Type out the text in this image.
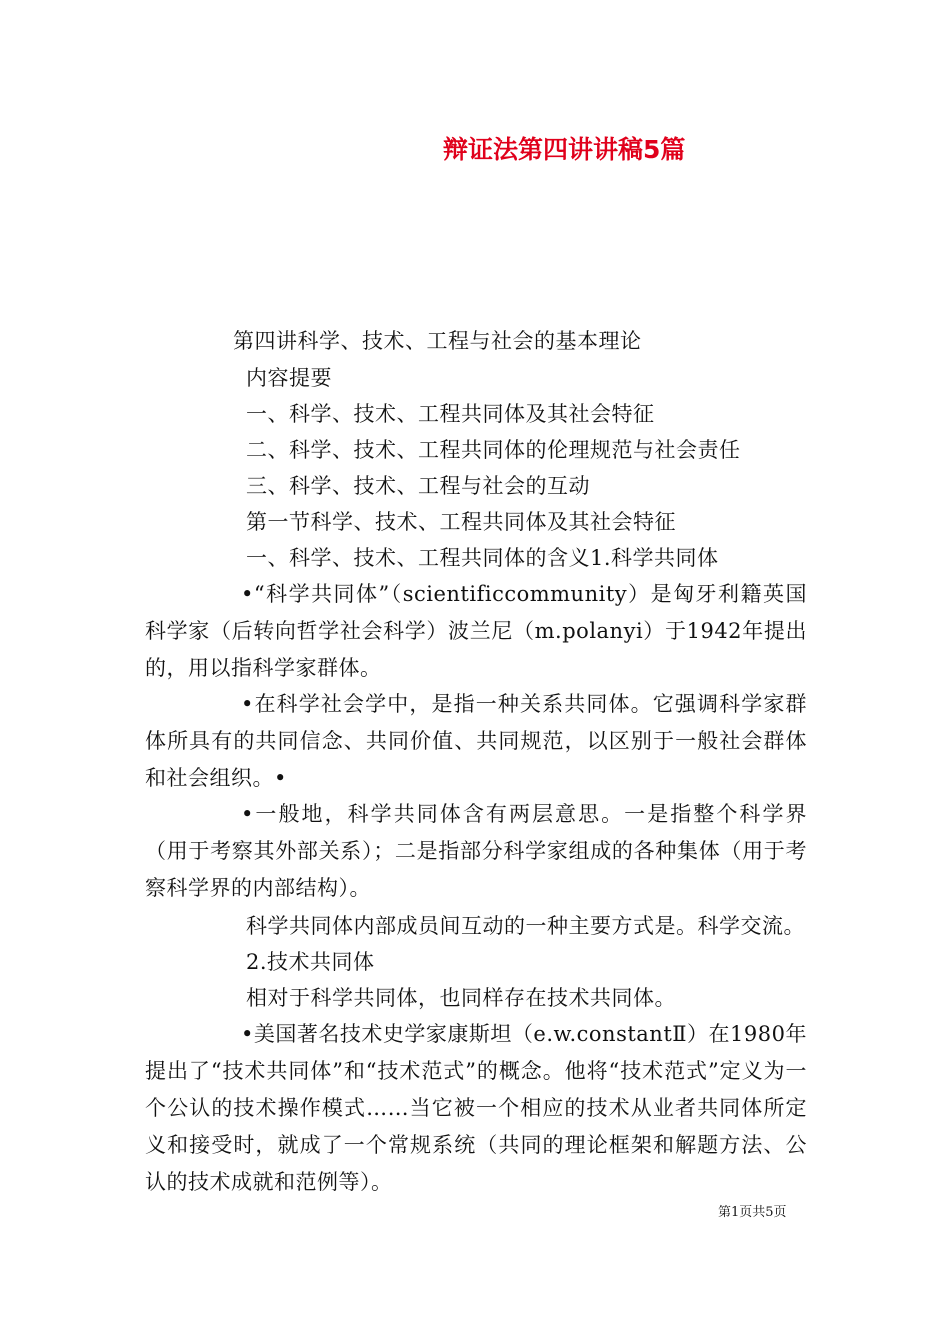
辩证法第四讲讲稿5篇
第四讲科学、技术、工程与社会的基本理论
内容提要
一、科学、技术、工程共同体及其社会特征
二、科学、技术、工程共同体的伦理规范与社会责任
三、科学、技术、工程与社会的互动
第一节科学、技术、工程共同体及其社会特征
一、科学、技术、工程共同体的含义1.科学共同体
•“科学共同体”（scientificcommunity）是匈牙利籍英国科学家（后转向哲学社会科学）波兰尼（m.polanyi）于1942年提出的，用以指科学家群体。
•在科学社会学中，是指一种关系共同体。它强调科学家群体所具有的共同信念、共同价值、共同规范，以区别于一般社会群体和社会组织。•
•一般地，科学共同体含有两层意思。一是指整个科学界（用于考察其外部关系）；二是指部分科学家组成的各种集体（用于考察科学界的内部结构）。
科学共同体内部成员间互动的一种主要方式是。科学交流。
2.技术共同体
相对于科学共同体，也同样存在技术共同体。
•美国著名技术史学家康斯坦（e.w.constantⅡ）在1980年提出了“技术共同体”和“技术范式”的概念。他将“技术范式”定义为一个公认的技术操作模式……当它被一个相应的技术从业者共同体所定义和接受时，就成了一个常规系统（共同的理论框架和解题方法、公认的技术成就和范例等）。
第1页共5页
